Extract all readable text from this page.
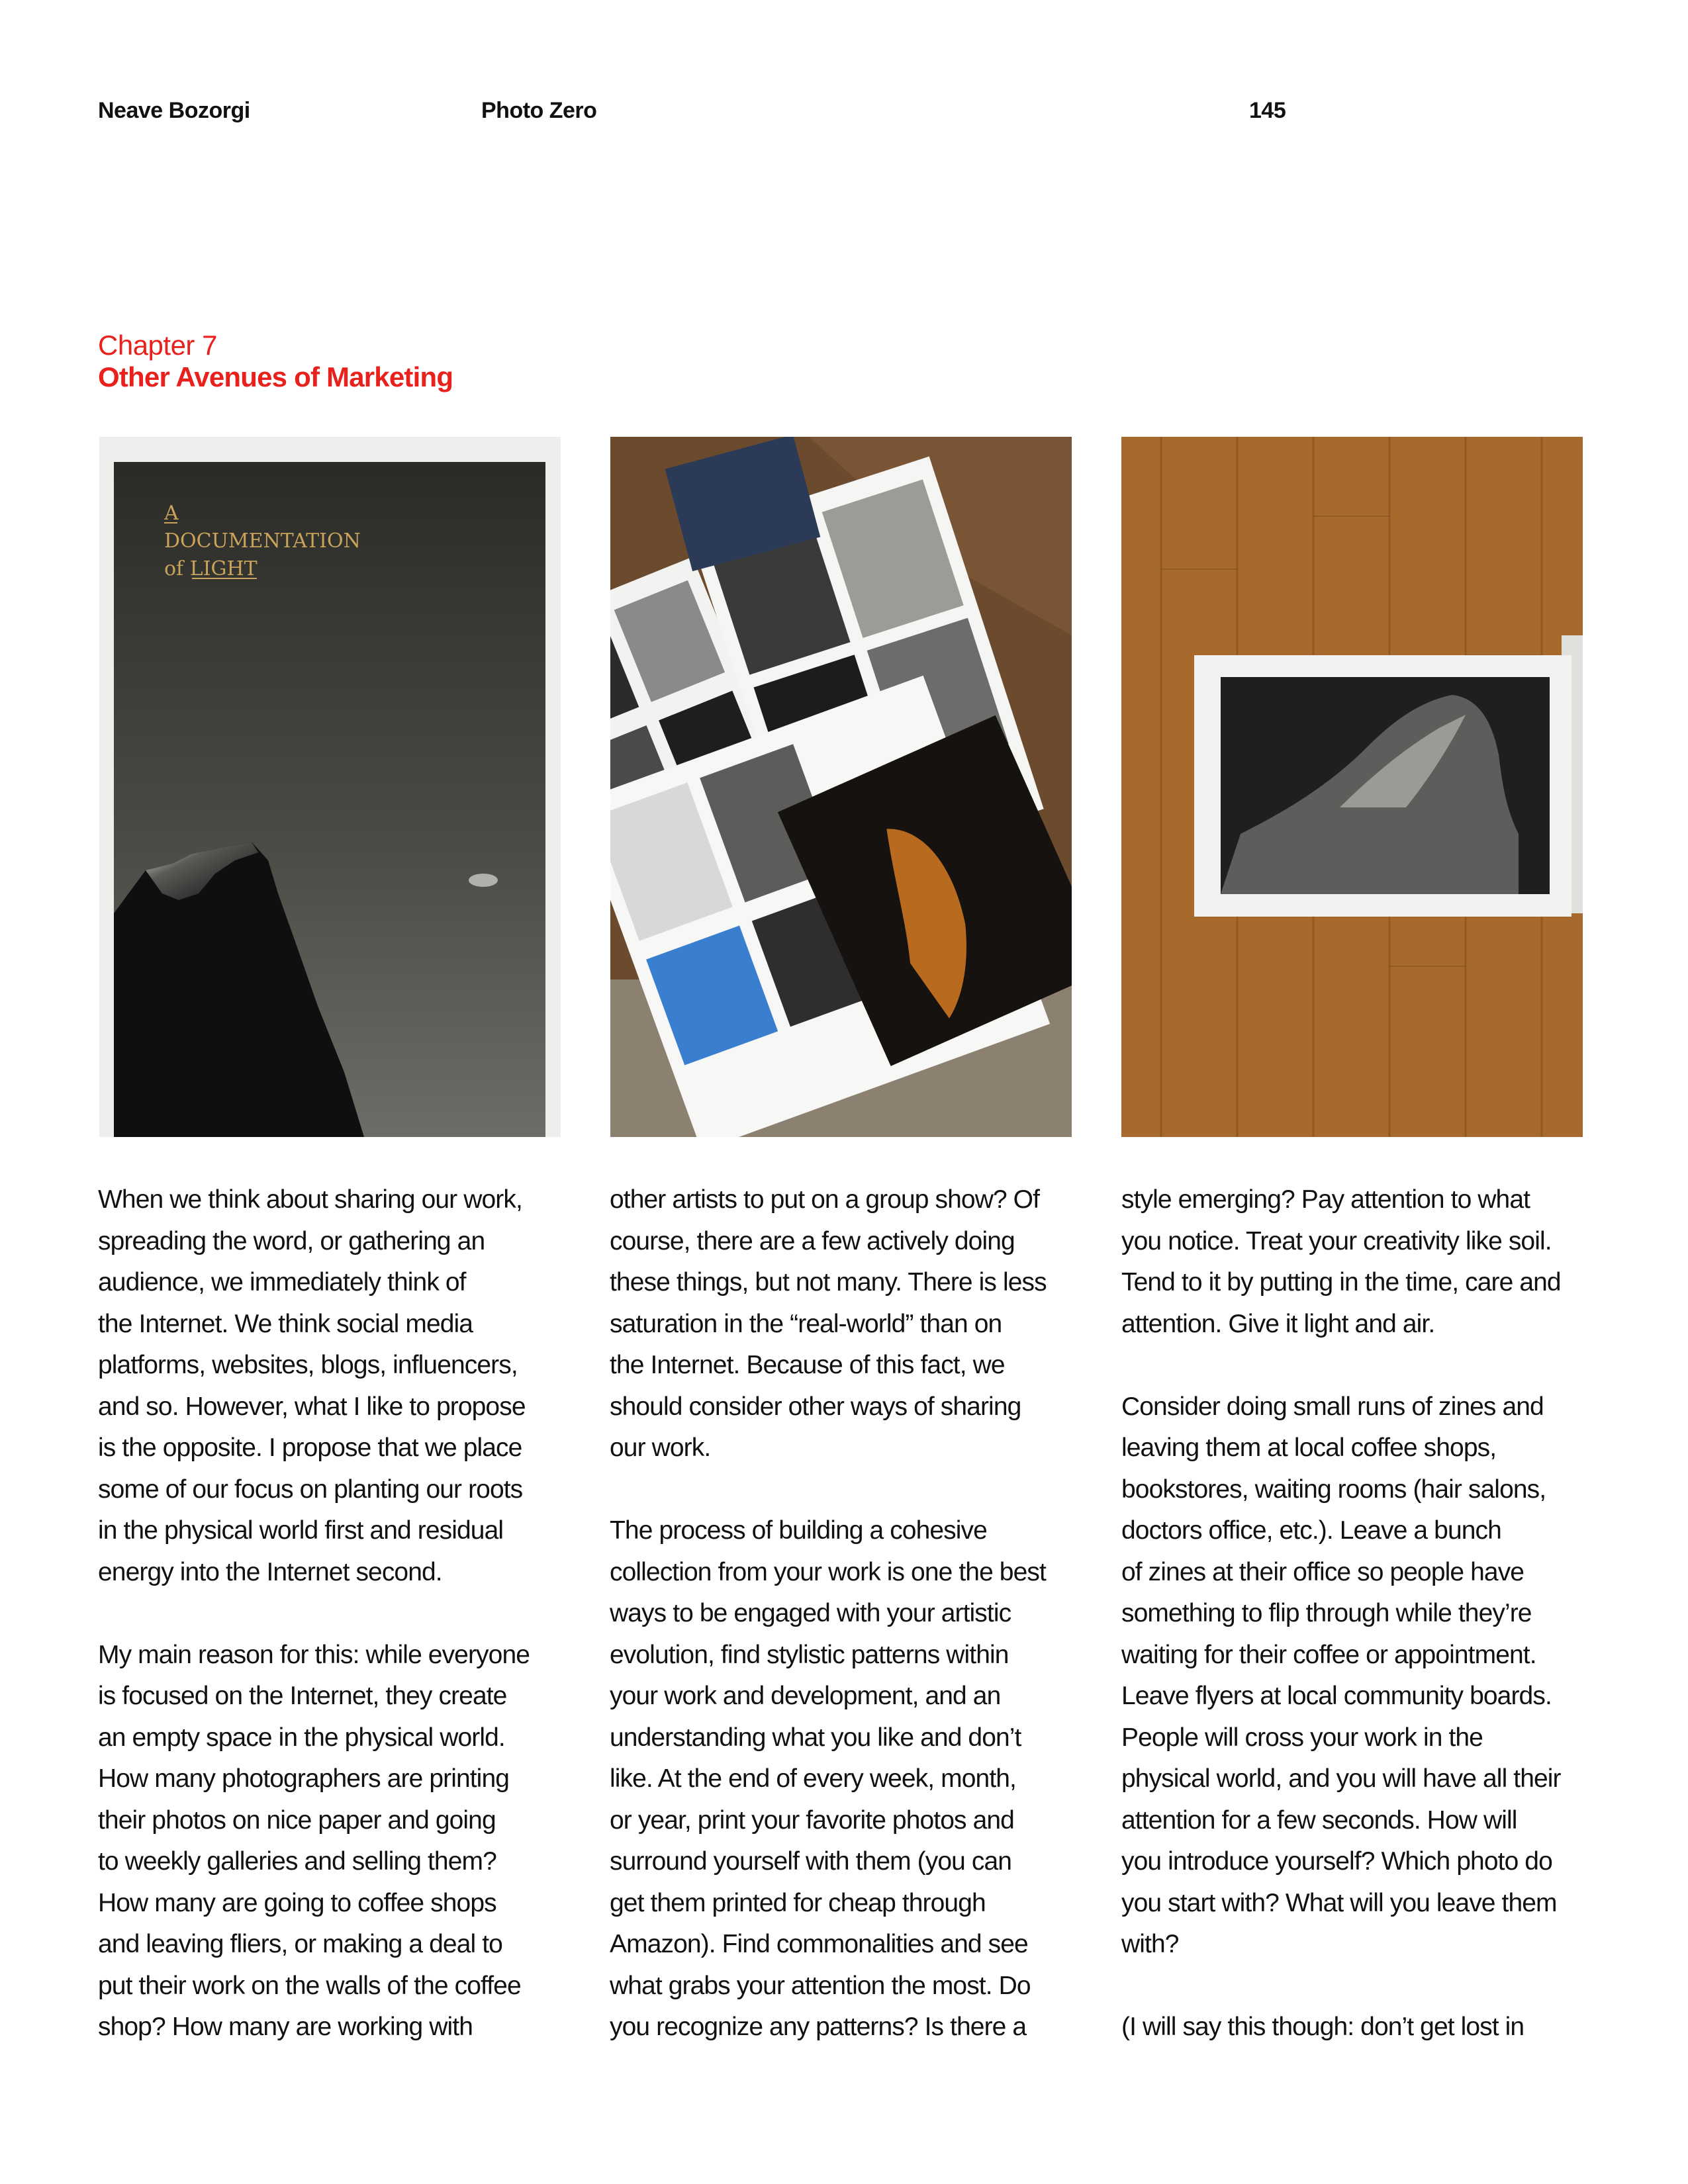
Neave Bozorgi	Photo Zero	145
Chapter 7
Other Avenues of Marketing
A
DOCUMENTATION
of LIGHT
When we think about sharing our work,
spreading the word, or gathering an
audience, we immediately think of
the Internet. We think social media
platforms, websites, blogs, influencers,
and so. However, what I like to propose
is the opposite. I propose that we place
some of our focus on planting our roots
in the physical world first and residual
energy into the Internet second.
My main reason for this: while everyone
is focused on the Internet, they create
an empty space in the physical world.
How many photographers are printing
their photos on nice paper and going
to weekly galleries and selling them?
How many are going to coffee shops
and leaving fliers, or making a deal to
put their work on the walls of the coffee
shop? How many are working with
other artists to put on a group show? Of
course, there are a few actively doing
these things, but not many. There is less
saturation in the “real-world” than on
the Internet. Because of this fact, we
should consider other ways of sharing
our work.
The process of building a cohesive
collection from your work is one the best
ways to be engaged with your artistic
evolution, find stylistic patterns within
your work and development, and an
understanding what you like and don’t
like. At the end of every week, month,
or year, print your favorite photos and
surround yourself with them (you can
get them printed for cheap through
Amazon). Find commonalities and see
what grabs your attention the most. Do
you recognize any patterns? Is there a
style emerging? Pay attention to what
you notice. Treat your creativity like soil.
Tend to it by putting in the time, care and
attention. Give it light and air.
Consider doing small runs of zines and
leaving them at local coffee shops,
bookstores, waiting rooms (hair salons,
doctors office, etc.). Leave a bunch
of zines at their office so people have
something to flip through while they’re
waiting for their coffee or appointment.
Leave flyers at local community boards.
People will cross your work in the
physical world, and you will have all their
attention for a few seconds. How will
you introduce yourself? Which photo do
you start with? What will you leave them
with?
(I will say this though: don’t get lost in
